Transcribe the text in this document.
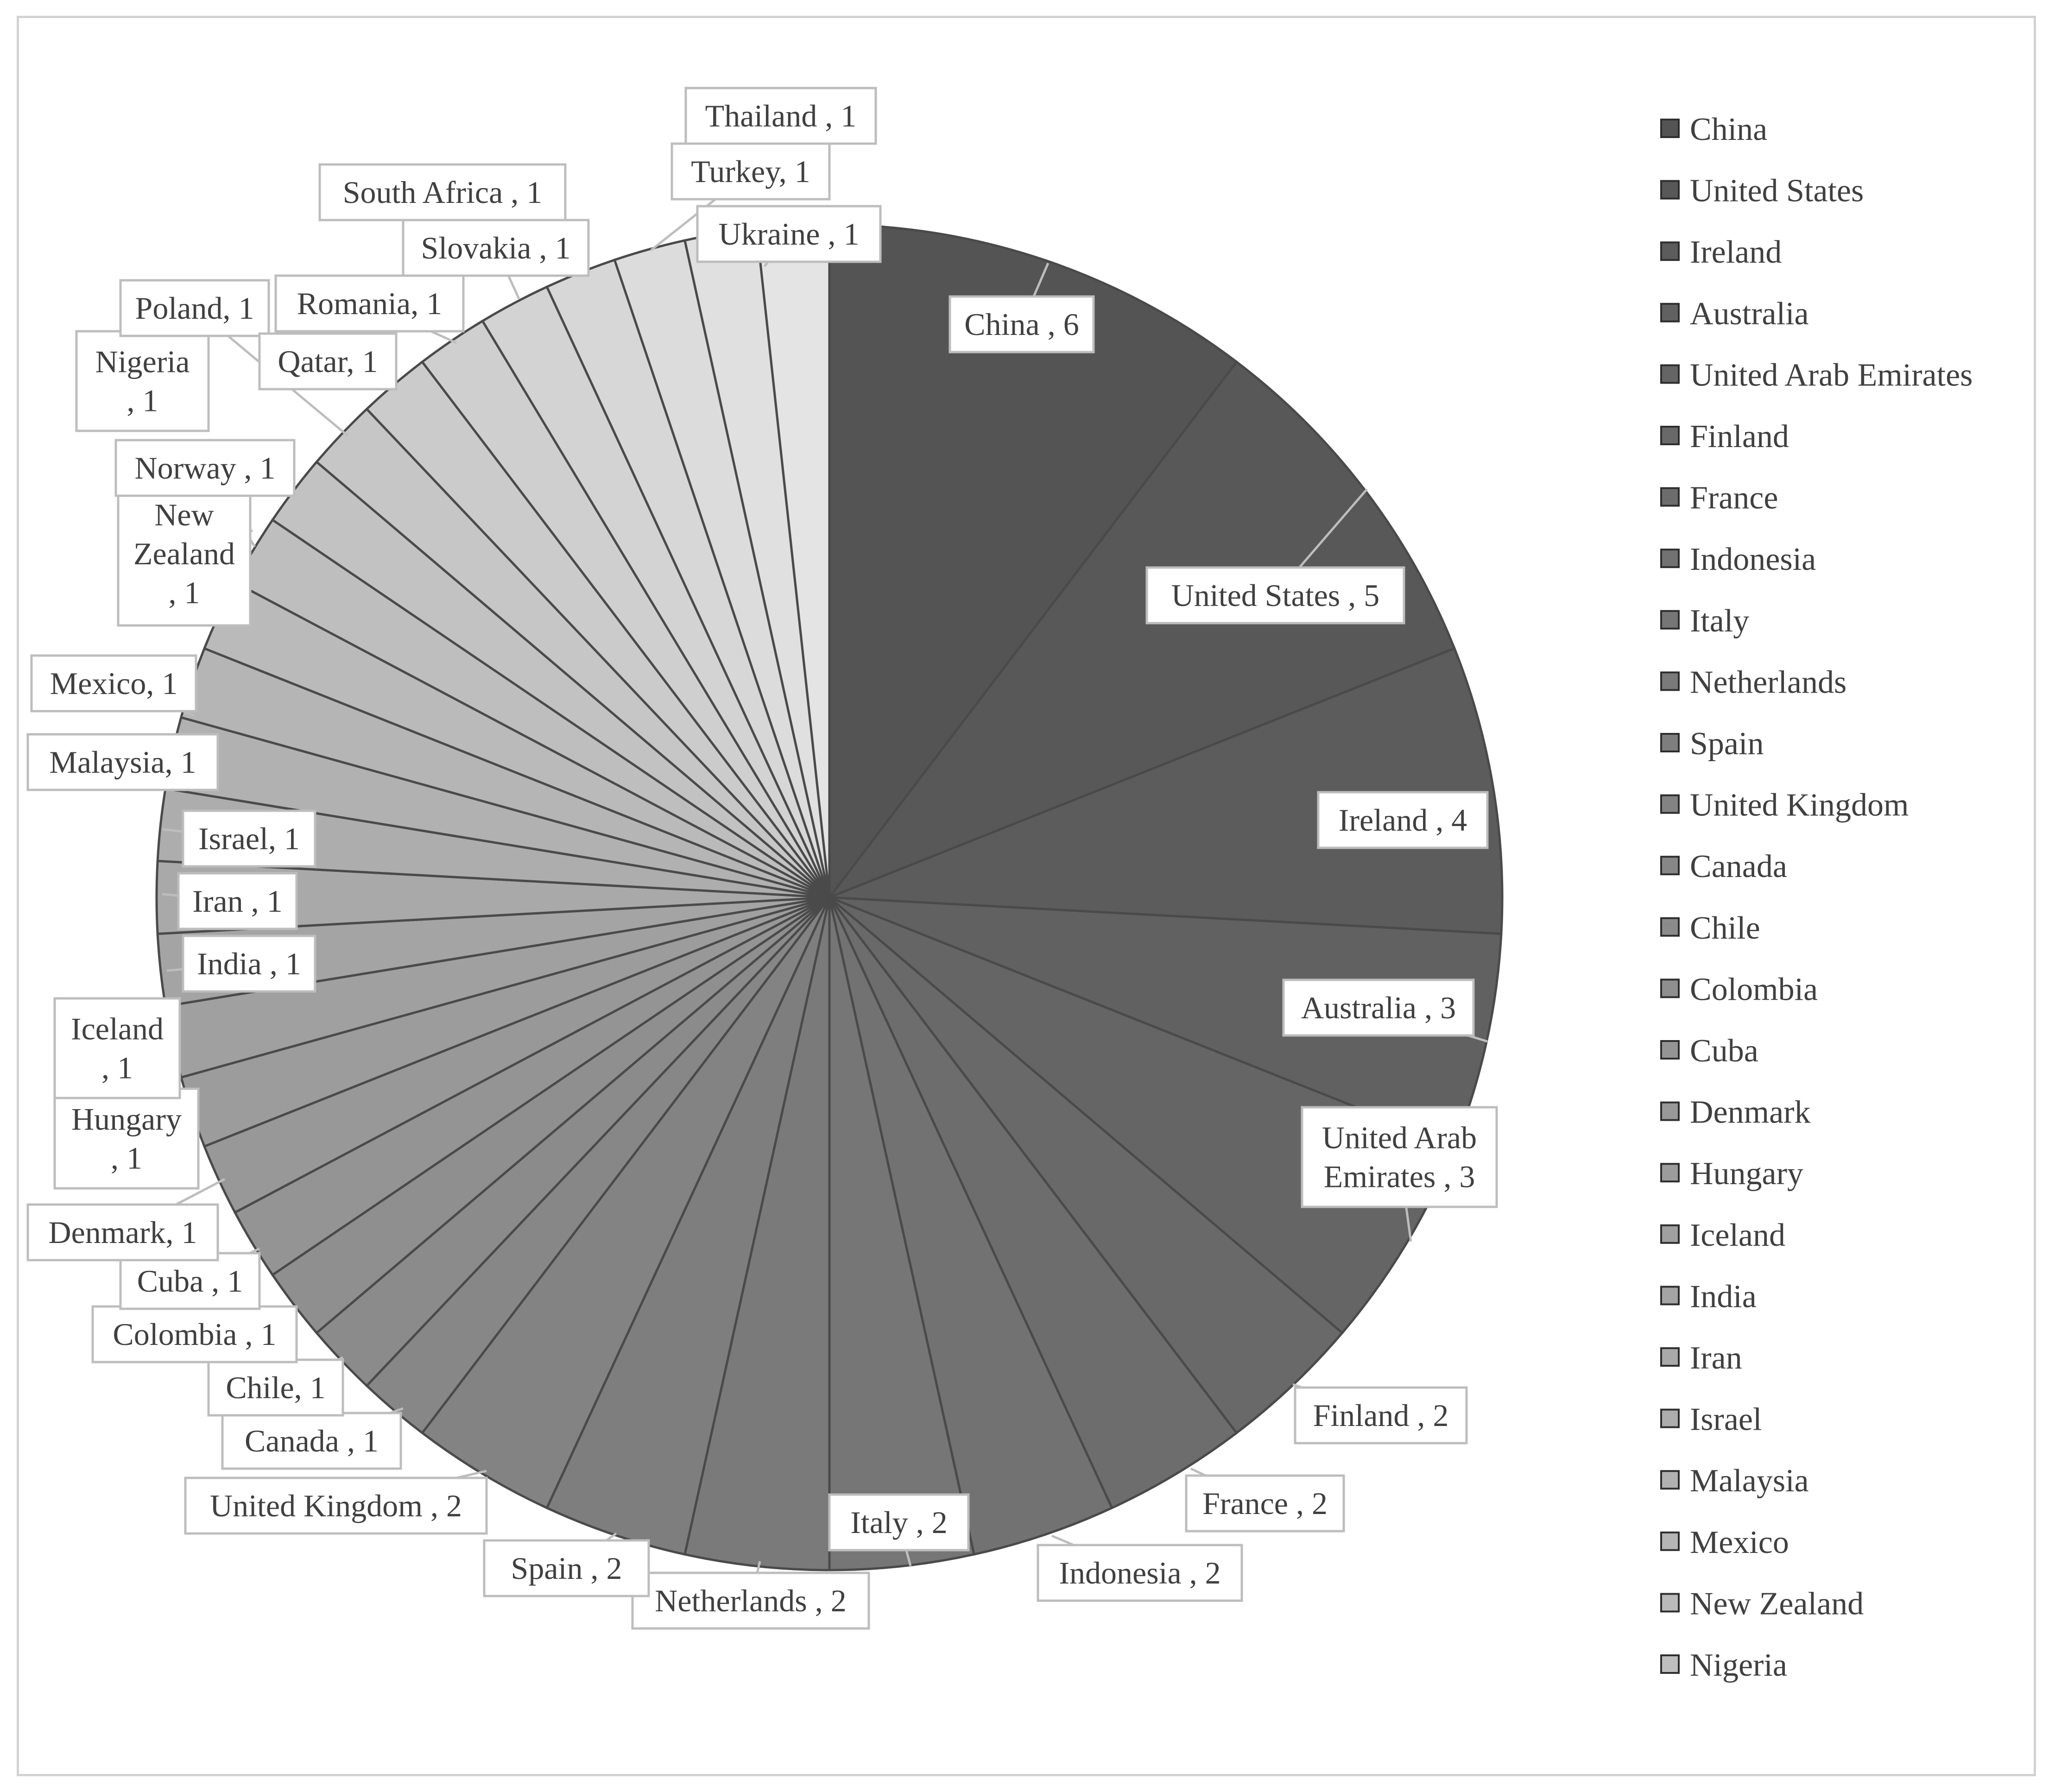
China , 6
United States , 5
Ireland , 4
Australia , 3
United Arab Emirates , 3
Finland , 2
France , 2
Indonesia , 2
Italy , 2
Netherlands , 2
Spain , 2
United Kingdom , 2
Canada , 1
Chile, 1
Colombia , 1
Cuba , 1
Denmark, 1
Hungary , 1
Iceland , 1
India , 1
Iran , 1
Israel, 1
Malaysia, 1
Mexico, 1
New Zealand , 1
Nigeria , 1
Norway , 1
Poland, 1
Qatar, 1
Romania, 1
Slovakia , 1
South Africa , 1
Turkey, 1
Ukraine , 1
Thailand , 1	China
United States
Ireland
Australia
United Arab Emirates
Finland
France
Indonesia
Italy
Netherlands
Spain
United Kingdom
Canada
Chile
Colombia
Cuba
Denmark
Hungary
Iceland
India
Iran
Israel
Malaysia
Mexico
New Zealand
Nigeria
